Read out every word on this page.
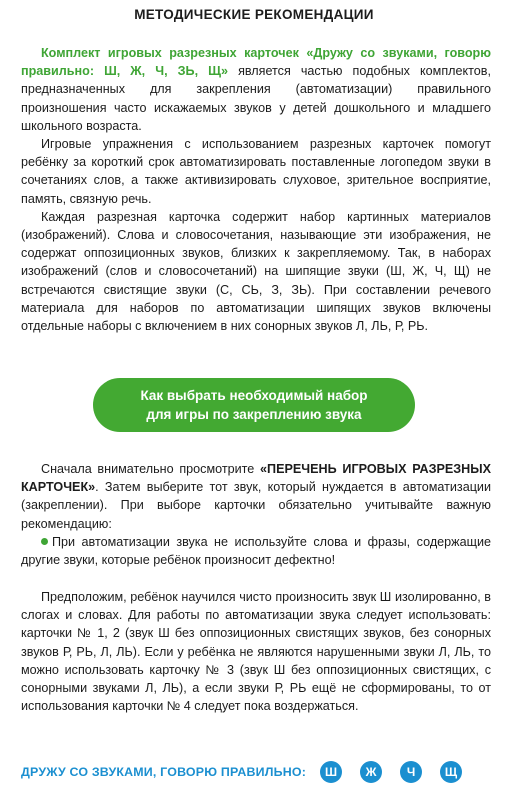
МЕТОДИЧЕСКИЕ РЕКОМЕНДАЦИИ

Комплект игровых разрезных карточек «Дружу со звуками, говорю правильно: Ш, Ж, Ч, ЗЬ, Щ» является частью подобных комплектов, предназначенных для закрепления (автоматизации) правильного произношения часто искажаемых звуков у детей дошкольного и младшего школьного возраста.

Игровые упражнения с использованием разрезных карточек помогут ребёнку за короткий срок автоматизировать поставленные логопедом звуки в сочетаниях слов, а также активизировать слуховое, зрительное восприятие, память, связную речь.

Каждая разрезная карточка содержит набор картинных материалов (изображений). Слова и словосочетания, называющие эти изображения, не содержат оппозиционных звуков, близких к закрепляемому. Так, в наборах изображений (слов и словосочетаний) на шипящие звуки (Ш, Ж, Ч, Щ) не встречаются свистящие звуки (С, СЬ, З, ЗЬ). При составлении речевого материала для наборов по автоматизации шипящих звуков включены отдельные наборы с включением в них сонорных звуков Л, ЛЬ, Р, РЬ.

Как выбрать необходимый набор
для игры по закреплению звука

Сначала внимательно просмотрите «ПЕРЕЧЕНЬ ИГРОВЫХ РАЗРЕЗНЫХ КАРТОЧЕК». Затем выберите тот звук, который нуждается в автоматизации (закреплении). При выборе карточки обязательно учитывайте важную рекомендацию:

При автоматизации звука не используйте слова и фразы, содержащие другие звуки, которые ребёнок произносит дефектно!

Предположим, ребёнок научился чисто произносить звук Ш изолированно, в слогах и словах. Для работы по автоматизации звука следует использовать: карточки № 1, 2 (звук Ш без оппозиционных свистящих звуков, без сонорных звуков Р, РЬ, Л, ЛЬ). Если у ребёнка не являются нарушенными звуки Л, ЛЬ, то можно использовать карточку № 3 (звук Ш без оппозиционных свистящих, с сонорными звуками Л, ЛЬ), а если звуки Р, РЬ ещё не сформированы, то от использования карточки № 4 следует пока воздержаться.

ДРУЖУ СО ЗВУКАМИ, ГОВОРЮ ПРАВИЛЬНО:	Ш	Ж	Ч	Щ
